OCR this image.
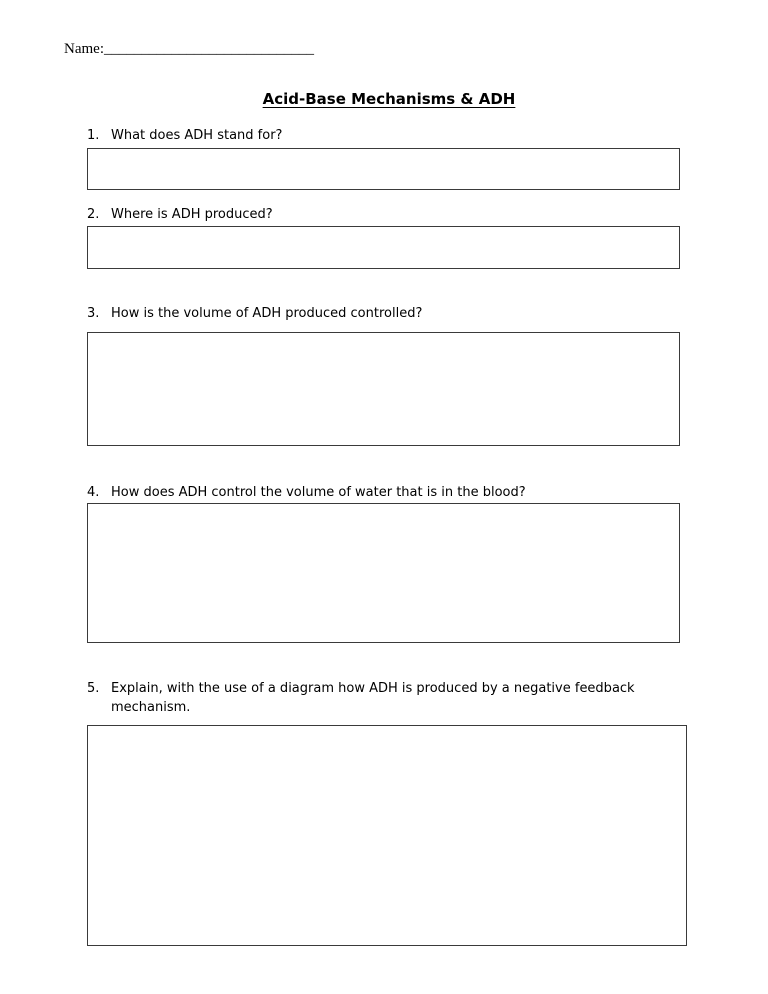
Name:____________________________
Acid-Base Mechanisms & ADH
1. What does ADH stand for?
2. Where is ADH produced?
3. How is the volume of ADH produced controlled?
4. How does ADH control the volume of water that is in the blood?
5. Explain, with the use of a diagram how ADH is produced by a negative feedback mechanism.
